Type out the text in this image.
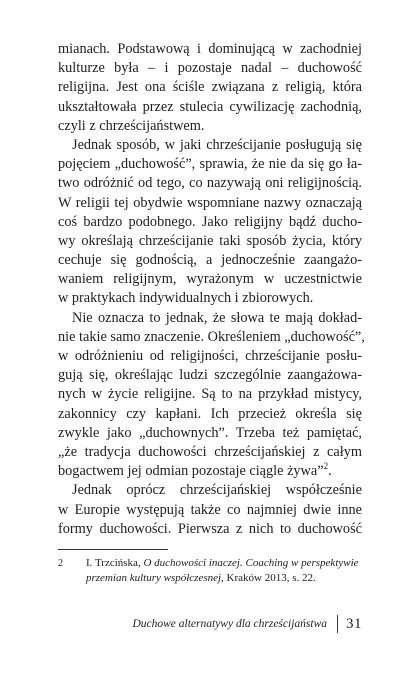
mianach. Podstawową i dominującą w zachodniej
kulturze była – i pozostaje nadal – duchowość
religijna. Jest ona ściśle związana z religią, która
ukształtowała przez stulecia cywilizację zachodnią,
czyli z chrześcijaństwem.
Jednak sposób, w jaki chrześcijanie posługują się
pojęciem „duchowość”, sprawia, że nie da się go ła-
two odróżnić od tego, co nazywają oni religijnością.
W religii tej obydwie wspomniane nazwy oznaczają
coś bardzo podobnego. Jako religijny bądź ducho-
wy określają chrześcijanie taki sposób życia, który
cechuje się godnością, a jednocześnie zaangażo-
waniem religijnym, wyrażonym w uczestnictwie
w praktykach indywidualnych i zbiorowych.
Nie oznacza to jednak, że słowa te mają dokład-
nie takie samo znaczenie. Określeniem „duchowość”,
w odróżnieniu od religijności, chrześcijanie posłu-
gują się, określając ludzi szczególnie zaangażowa-
nych w życie religijne. Są to na przykład mistycy,
zakonnicy czy kapłani. Ich przecież określa się
zwykle jako „duchownych”. Trzeba też pamiętać,
„że tradycja duchowości chrześcijańskiej z całym
bogactwem jej odmian pozostaje ciągle żywa”$^2$.
Jednak oprócz chrześcijańskiej współcześnie
w Europie występują także co najmniej dwie inne
formy duchowości. Pierwsza z nich to duchowość
2 I. Trzcińska, O duchowości inaczej. Coaching w perspektywie
przemian kultury współczesnej, Kraków 2013, s. 22.
Duchowe alternatywy dla chrześcijaństwa 31
